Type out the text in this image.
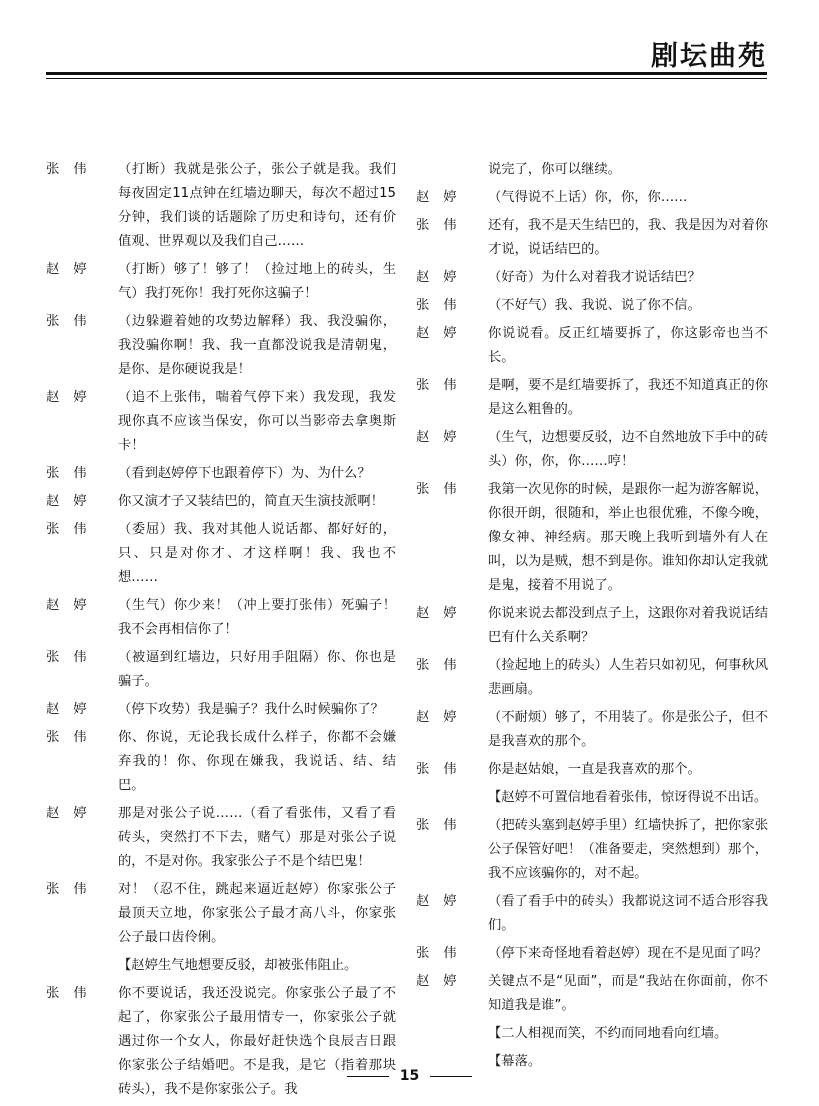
剧坛曲苑
张伟	（打断）我就是张公子，张公子就是我。我们每夜固定11点钟在红墙边聊天，每次不超过15分钟，我们谈的话题除了历史和诗句，还有价值观、世界观以及我们自己……
赵婷	（打断）够了！够了！（捡过地上的砖头，生气）我打死你！我打死你这骗子！
张伟	（边躲避着她的攻势边解释）我、我没骗你，我没骗你啊！我、我一直都没说我是清朝鬼，是你、是你硬说我是！
赵婷	（追不上张伟，喘着气停下来）我发现，我发现你真不应该当保安，你可以当影帝去拿奥斯卡！
张伟	（看到赵婷停下也跟着停下）为、为什么？
赵婷	你又演才子又装结巴的，简直天生演技派啊！
张伟	（委屈）我、我对其他人说话都、都好好的，只、只是对你才、才这样啊！我、我也不想……
赵婷	（生气）你少来！（冲上要打张伟）死骗子！我不会再相信你了！
张伟	（被逼到红墙边，只好用手阻隔）你、你也是骗子。
赵婷	（停下攻势）我是骗子？我什么时候骗你了？
张伟	你、你说，无论我长成什么样子，你都不会嫌弃我的！你、你现在嫌我，我说话、结、结巴。
赵婷	那是对张公子说……（看了看张伟，又看了看砖头，突然打不下去，赌气）那是对张公子说的，不是对你。我家张公子不是个结巴鬼！
张伟	对！（忍不住，跳起来逼近赵婷）你家张公子最顶天立地，你家张公子最才高八斗，你家张公子最口齿伶俐。
【赵婷生气地想要反驳，却被张伟阻止。
张伟	你不要说话，我还没说完。你家张公子最了不起了，你家张公子最用情专一，你家张公子就遇过你一个女人，你最好赶快选个良辰吉日跟你家张公子结婚吧。不是我，是它（指着那块砖头），我不是你家张公子。我
说完了，你可以继续。
赵婷	（气得说不上话）你，你，你……
张伟	还有，我不是天生结巴的，我、我是因为对着你才说，说话结巴的。
赵婷	（好奇）为什么对着我才说话结巴？
张伟	（不好气）我、我说、说了你不信。
赵婷	你说说看。反正红墙要拆了，你这影帝也当不长。
张伟	是啊，要不是红墙要拆了，我还不知道真正的你是这么粗鲁的。
赵婷	（生气，边想要反驳，边不自然地放下手中的砖头）你，你，你……哼！
张伟	我第一次见你的时候，是跟你一起为游客解说，你很开朗，很随和，举止也很优雅，不像今晚，像女神、神经病。那天晚上我听到墙外有人在叫，以为是贼，想不到是你。谁知你却认定我就是鬼，接着不用说了。
赵婷	你说来说去都没到点子上，这跟你对着我说话结巴有什么关系啊？
张伟	（捡起地上的砖头）人生若只如初见，何事秋风悲画扇。
赵婷	（不耐烦）够了，不用装了。你是张公子，但不是我喜欢的那个。
张伟	你是赵姑娘，一直是我喜欢的那个。
【赵婷不可置信地看着张伟，惊讶得说不出话。
张伟	（把砖头塞到赵婷手里）红墙快拆了，把你家张公子保管好吧！（准备要走，突然想到）那个，我不应该骗你的，对不起。
赵婷	（看了看手中的砖头）我都说这词不适合形容我们。
张伟	（停下来奇怪地看着赵婷）现在不是见面了吗？
赵婷	关键点不是“见面”，而是“我站在你面前，你不知道我是谁”。
【二人相视而笑，不约而同地看向红墙。
【幕落。
15
